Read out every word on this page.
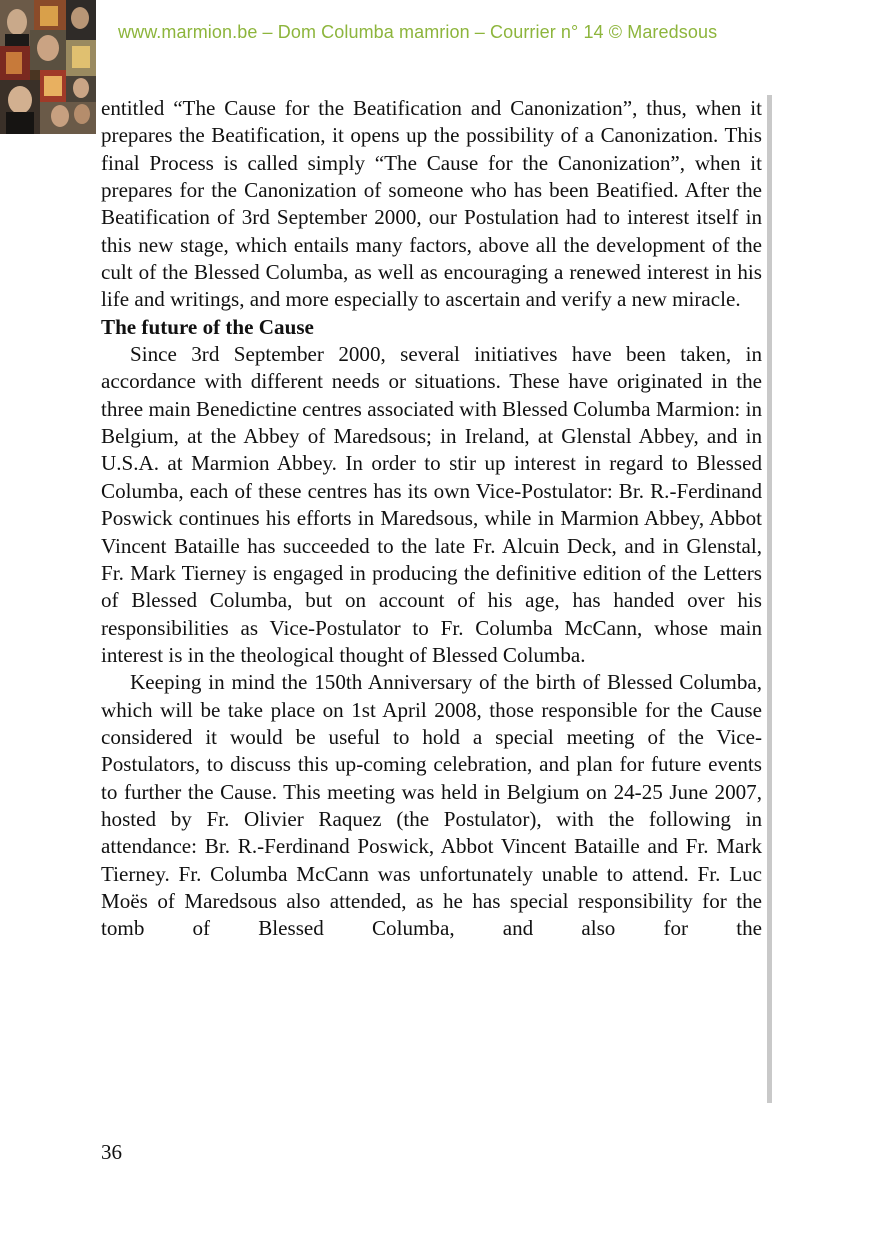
www.marmion.be – Dom Columba mamrion – Courrier n° 14 © Maredsous

entitled “The Cause for the Beatification and Canonization”, thus, when it prepares the Beatification, it opens up the possibility of a Canonization. This final Process is called simply “The Cause for the Canonization”, when it prepares for the Canonization of someone who has been Beatified. After the Beatification of 3rd September 2000, our Postulation had to interest itself in this new stage, which entails many factors, above all the development of the cult of the Blessed Columba, as well as encouraging a renewed interest in his life and writings, and more especially to ascertain and verify a new miracle.

The future of the Cause

Since 3rd September 2000, several initiatives have been taken, in accordance with different needs or situations. These have originated in the three main Benedictine centres associated with Blessed Columba Marmion: in Belgium, at the Abbey of Maredsous; in Ireland, at Glenstal Abbey, and in U.S.A. at Marmion Abbey. In order to stir up interest in regard to Blessed Columba, each of these centres has its own Vice-Postulator: Br. R.-Ferdinand Poswick continues his efforts in Maredsous, while in Marmion Abbey, Abbot Vincent Bataille has succeeded to the late Fr. Alcuin Deck, and in Glenstal, Fr. Mark Tierney is engaged in producing the definitive edition of the Letters of Blessed Columba, but on account of his age, has handed over his responsibilities as Vice-Postulator to Fr. Columba McCann, whose main interest is in the theological thought of Blessed Columba.

Keeping in mind the 150th Anniversary of the birth of Blessed Columba, which will be take place on 1st April 2008, those responsible for the Cause considered it would be useful to hold a special meeting of the Vice-Postulators, to discuss this up-coming celebration, and plan for future events to further the Cause. This meeting was held in Belgium on 24-25 June 2007, hosted by Fr. Olivier Raquez (the Postulator), with the following in attendance: Br. R.-Ferdinand Poswick, Abbot Vincent Bataille and Fr. Mark Tierney. Fr. Columba McCann was unfortunately unable to attend. Fr. Luc Moës of Maredsous also attended, as he has special responsibility for the tomb of Blessed Columba, and also for the

36
